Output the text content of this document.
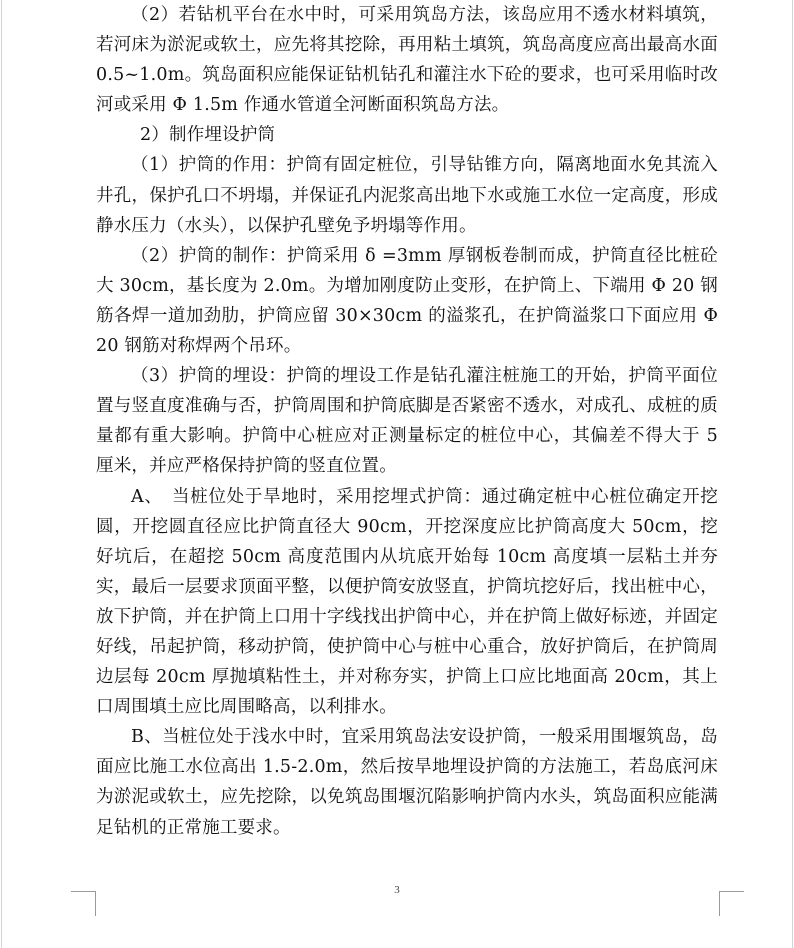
（2）若钻机平台在水中时，可采用筑岛方法，该岛应用不透水材料填筑，若河床为淤泥或软土，应先将其挖除，再用粘土填筑，筑岛高度应高出最高水面 0.5~1.0m。筑岛面积应能保证钻机钻孔和灌注水下砼的要求，也可采用临时改河或采用 Φ 1.5m 作通水管道全河断面积筑岛方法。

2）制作埋设护筒

（1）护筒的作用：护筒有固定桩位，引导钻锥方向，隔离地面水免其流入井孔，保护孔口不坍塌，并保证孔内泥浆高出地下水或施工水位一定高度，形成静水压力（水头），以保护孔壁免予坍塌等作用。

（2）护筒的制作：护筒采用 δ =3mm 厚钢板卷制而成，护筒直径比桩砼大 30cm，基长度为 2.0m。为增加刚度防止变形，在护筒上、下端用 Φ 20 钢筋各焊一道加劲肋，护筒应留 30×30cm 的溢浆孔，在护筒溢浆口下面应用 Φ 20 钢筋对称焊两个吊环。

（3）护筒的埋设：护筒的埋设工作是钻孔灌注桩施工的开始，护筒平面位置与竖直度准确与否，护筒周围和护筒底脚是否紧密不透水，对成孔、成桩的质量都有重大影响。护筒中心桩应对正测量标定的桩位中心，其偏差不得大于 5 厘米，并应严格保持护筒的竖直位置。

A、　当桩位处于旱地时，采用挖埋式护筒：通过确定桩中心桩位确定开挖圆，开挖圆直径应比护筒直径大 90cm，开挖深度应比护筒高度大 50cm，挖好坑后，在超挖 50cm 高度范围内从坑底开始每 10cm 高度填一层粘土并夯实，最后一层要求顶面平整，以便护筒安放竖直，护筒坑挖好后，找出桩中心，放下护筒，并在护筒上口用十字线找出护筒中心，并在护筒上做好标迹，并固定好线，吊起护筒，移动护筒，使护筒中心与桩中心重合，放好护筒后，在护筒周边层每 20cm 厚抛填粘性土，并对称夯实，护筒上口应比地面高 20cm，其上口周围填土应比周围略高，以利排水。

B、当桩位处于浅水中时，宜采用筑岛法安设护筒，一般采用围堰筑岛，岛面应比施工水位高出 1.5-2.0m，然后按旱地埋设护筒的方法施工，若岛底河床为淤泥或软土，应先挖除，以免筑岛围堰沉陷影响护筒内水头，筑岛面积应能满足钻机的正常施工要求。

3
